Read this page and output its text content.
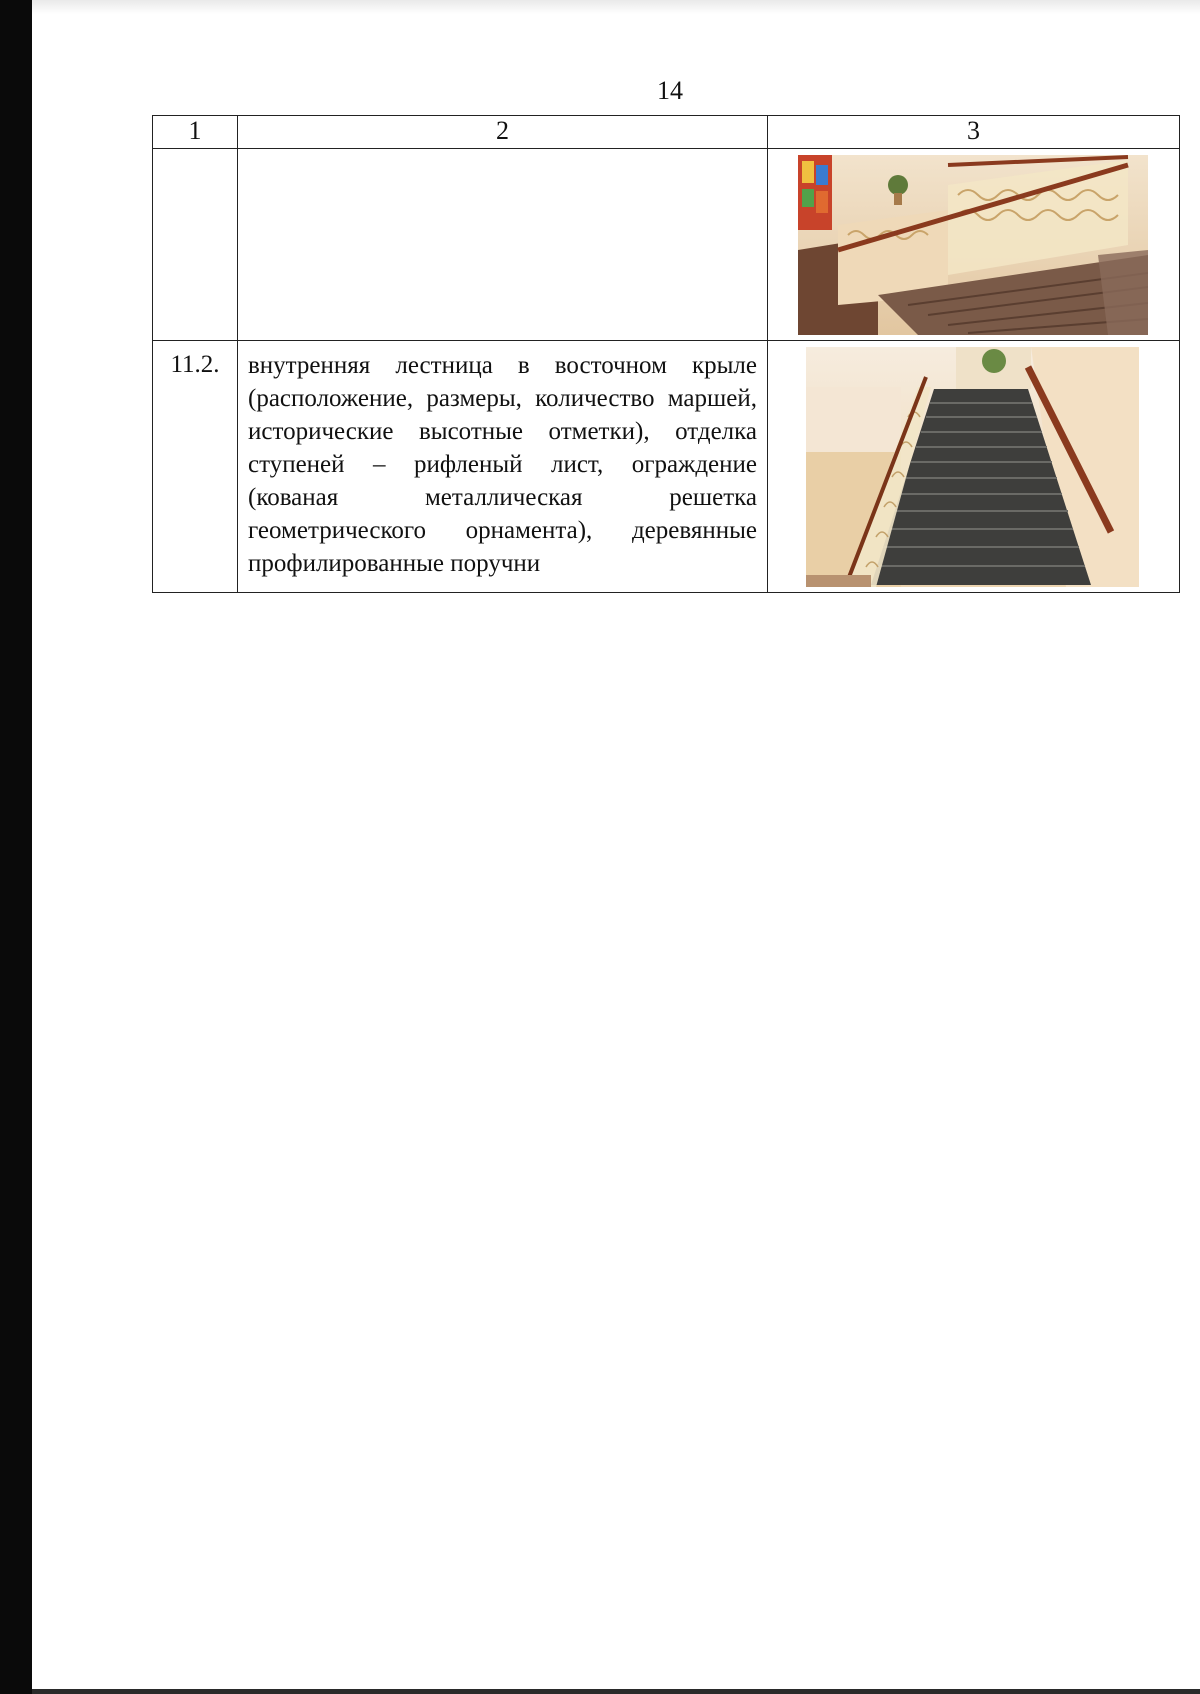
14
1	2	3

11.2.	внутренняя лестница в восточном крыле (расположение, размеры, количество маршей, исторические высотные отметки), отделка ступеней – рифленый лист, ограждение (кованая металлическая решетка геометрического орнамента), деревянные профилированные поручни	
